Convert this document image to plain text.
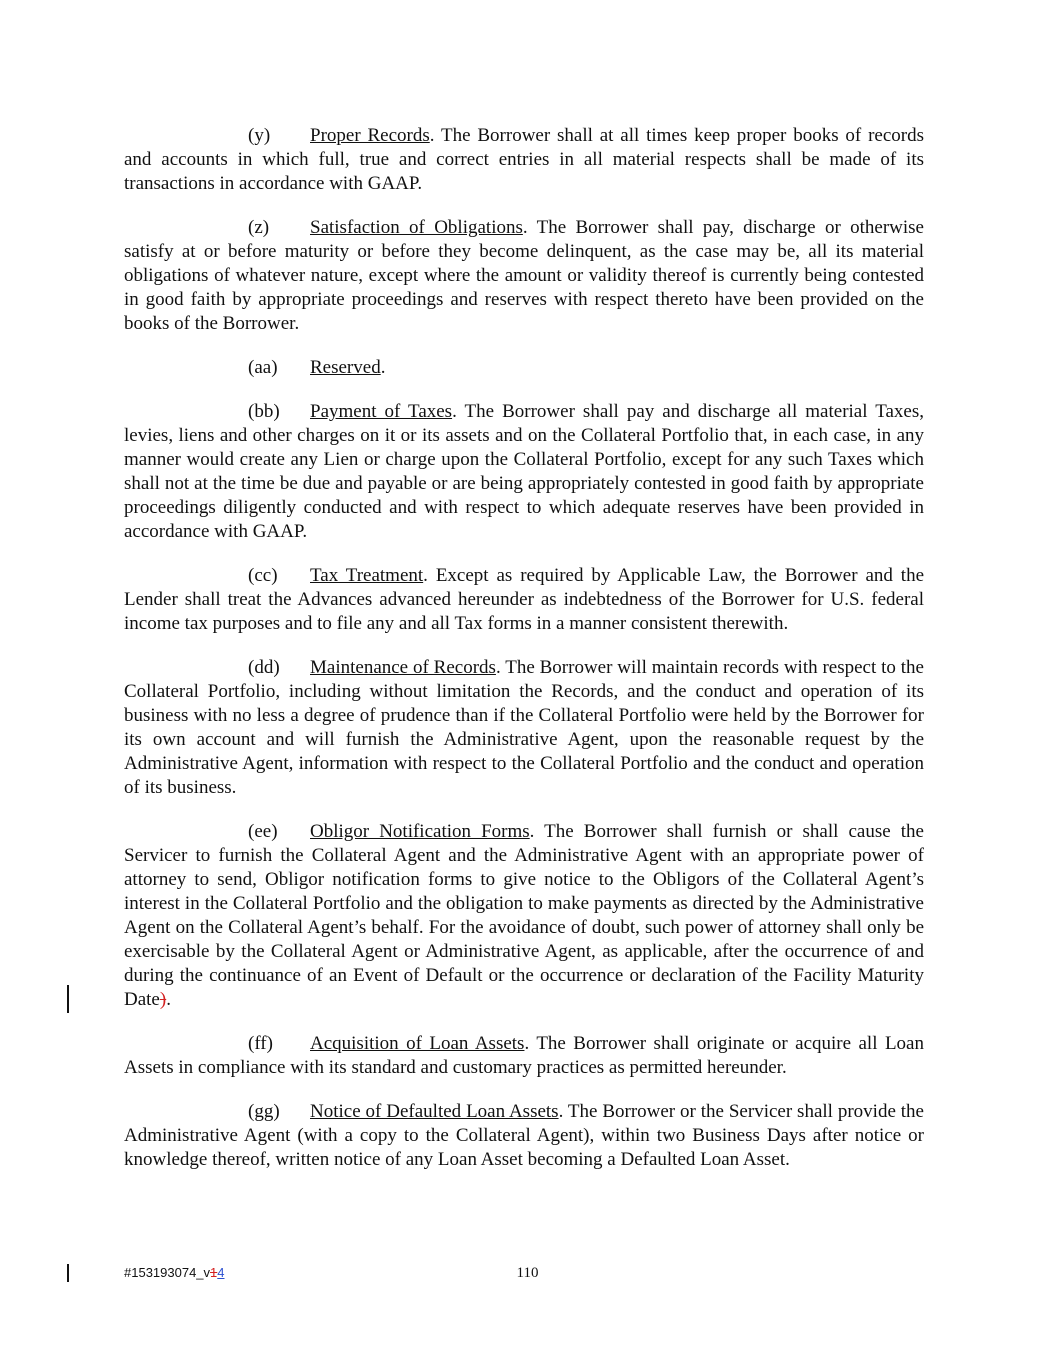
(y) Proper Records. The Borrower shall at all times keep proper books of records and accounts in which full, true and correct entries in all material respects shall be made of its transactions in accordance with GAAP.

(z) Satisfaction of Obligations. The Borrower shall pay, discharge or otherwise satisfy at or before maturity or before they become delinquent, as the case may be, all its material obligations of whatever nature, except where the amount or validity thereof is currently being contested in good faith by appropriate proceedings and reserves with respect thereto have been provided on the books of the Borrower.

(aa) Reserved.

(bb) Payment of Taxes. The Borrower shall pay and discharge all material Taxes, levies, liens and other charges on it or its assets and on the Collateral Portfolio that, in each case, in any manner would create any Lien or charge upon the Collateral Portfolio, except for any such Taxes which shall not at the time be due and payable or are being appropriately contested in good faith by appropriate proceedings diligently conducted and with respect to which adequate reserves have been provided in accordance with GAAP.

(cc) Tax Treatment. Except as required by Applicable Law, the Borrower and the Lender shall treat the Advances advanced hereunder as indebtedness of the Borrower for U.S. federal income tax purposes and to file any and all Tax forms in a manner consistent therewith.

(dd) Maintenance of Records. The Borrower will maintain records with respect to the Collateral Portfolio, including without limitation the Records, and the conduct and operation of its business with no less a degree of prudence than if the Collateral Portfolio were held by the Borrower for its own account and will furnish the Administrative Agent, upon the reasonable request by the Administrative Agent, information with respect to the Collateral Portfolio and the conduct and operation of its business.

(ee) Obligor Notification Forms. The Borrower shall furnish or shall cause the Servicer to furnish the Collateral Agent and the Administrative Agent with an appropriate power of attorney to send, Obligor notification forms to give notice to the Obligors of the Collateral Agent’s interest in the Collateral Portfolio and the obligation to make payments as directed by the Administrative Agent on the Collateral Agent’s behalf. For the avoidance of doubt, such power of attorney shall only be exercisable by the Collateral Agent or Administrative Agent, as applicable, after the occurrence of and during the continuance of an Event of Default or the occurrence or declaration of the Facility Maturity Date).

(ff) Acquisition of Loan Assets. The Borrower shall originate or acquire all Loan Assets in compliance with its standard and customary practices as permitted hereunder.

(gg) Notice of Defaulted Loan Assets. The Borrower or the Servicer shall provide the Administrative Agent (with a copy to the Collateral Agent), within two Business Days after notice or knowledge thereof, written notice of any Loan Asset becoming a Defaulted Loan Asset.

#153193074_v14	110
